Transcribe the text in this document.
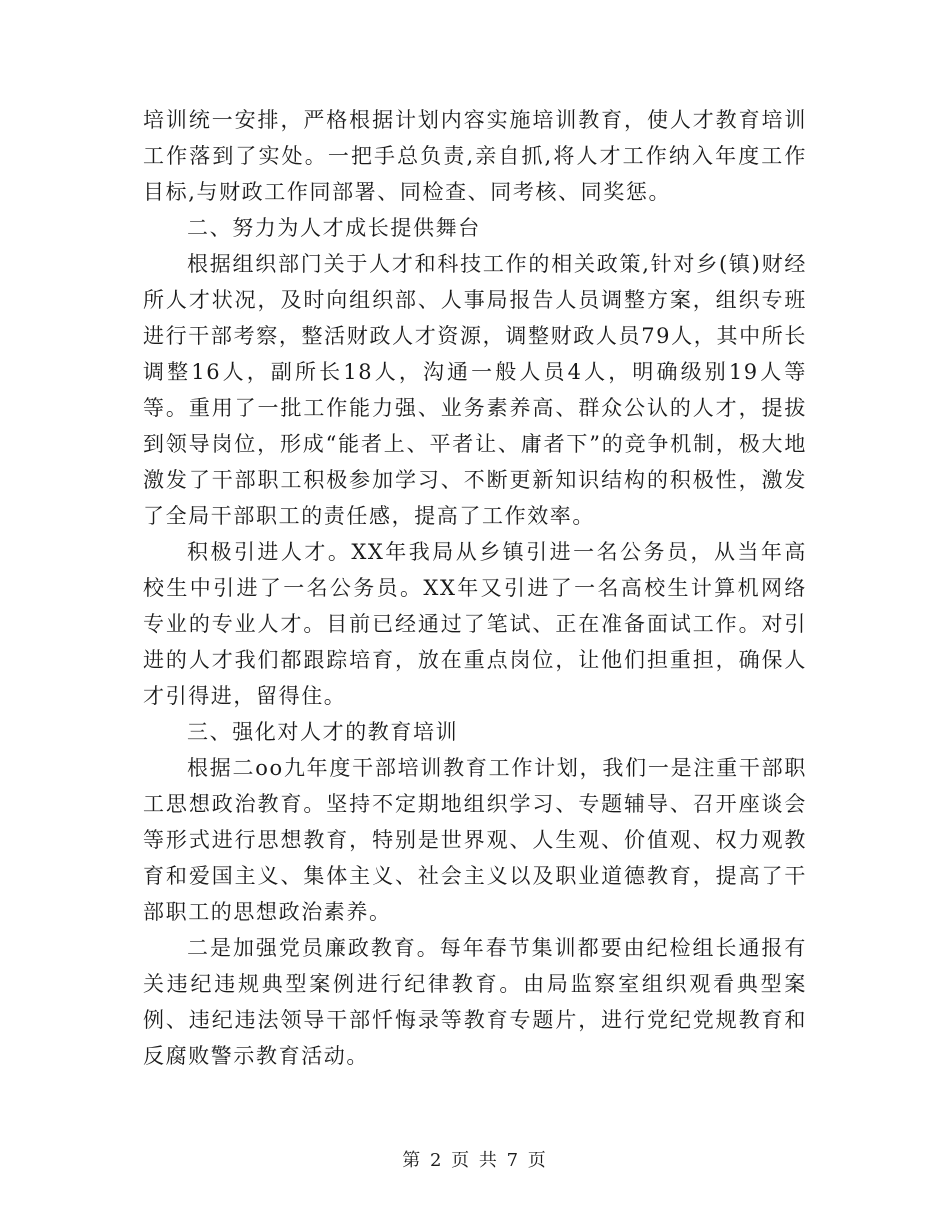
培训统一安排，严格根据计划内容实施培训教育，使人才教育培训工作落到了实处。一把手总负责,亲自抓,将人才工作纳入年度工作目标,与财政工作同部署、同检查、同考核、同奖惩。

二、努力为人才成长提供舞台

根据组织部门关于人才和科技工作的相关政策,针对乡(镇)财经所人才状况，及时向组织部、人事局报告人员调整方案，组织专班进行干部考察，整活财政人才资源，调整财政人员79人，其中所长调整16人，副所长18人，沟通一般人员4人，明确级别19人等等。重用了一批工作能力强、业务素养高、群众公认的人才，提拔到领导岗位，形成“能者上、平者让、庸者下”的竞争机制，极大地激发了干部职工积极参加学习、不断更新知识结构的积极性，激发了全局干部职工的责任感，提高了工作效率。

积极引进人才。XX年我局从乡镇引进一名公务员，从当年高校生中引进了一名公务员。XX年又引进了一名高校生计算机网络专业的专业人才。目前已经通过了笔试、正在准备面试工作。对引进的人才我们都跟踪培育，放在重点岗位，让他们担重担，确保人才引得进，留得住。

三、强化对人才的教育培训

根据二oo九年度干部培训教育工作计划，我们一是注重干部职工思想政治教育。坚持不定期地组织学习、专题辅导、召开座谈会等形式进行思想教育，特别是世界观、人生观、价值观、权力观教育和爱国主义、集体主义、社会主义以及职业道德教育，提高了干部职工的思想政治素养。

二是加强党员廉政教育。每年春节集训都要由纪检组长通报有关违纪违规典型案例进行纪律教育。由局监察室组织观看典型案例、违纪违法领导干部忏悔录等教育专题片，进行党纪党规教育和反腐败警示教育活动。

第 2 页 共 7 页
